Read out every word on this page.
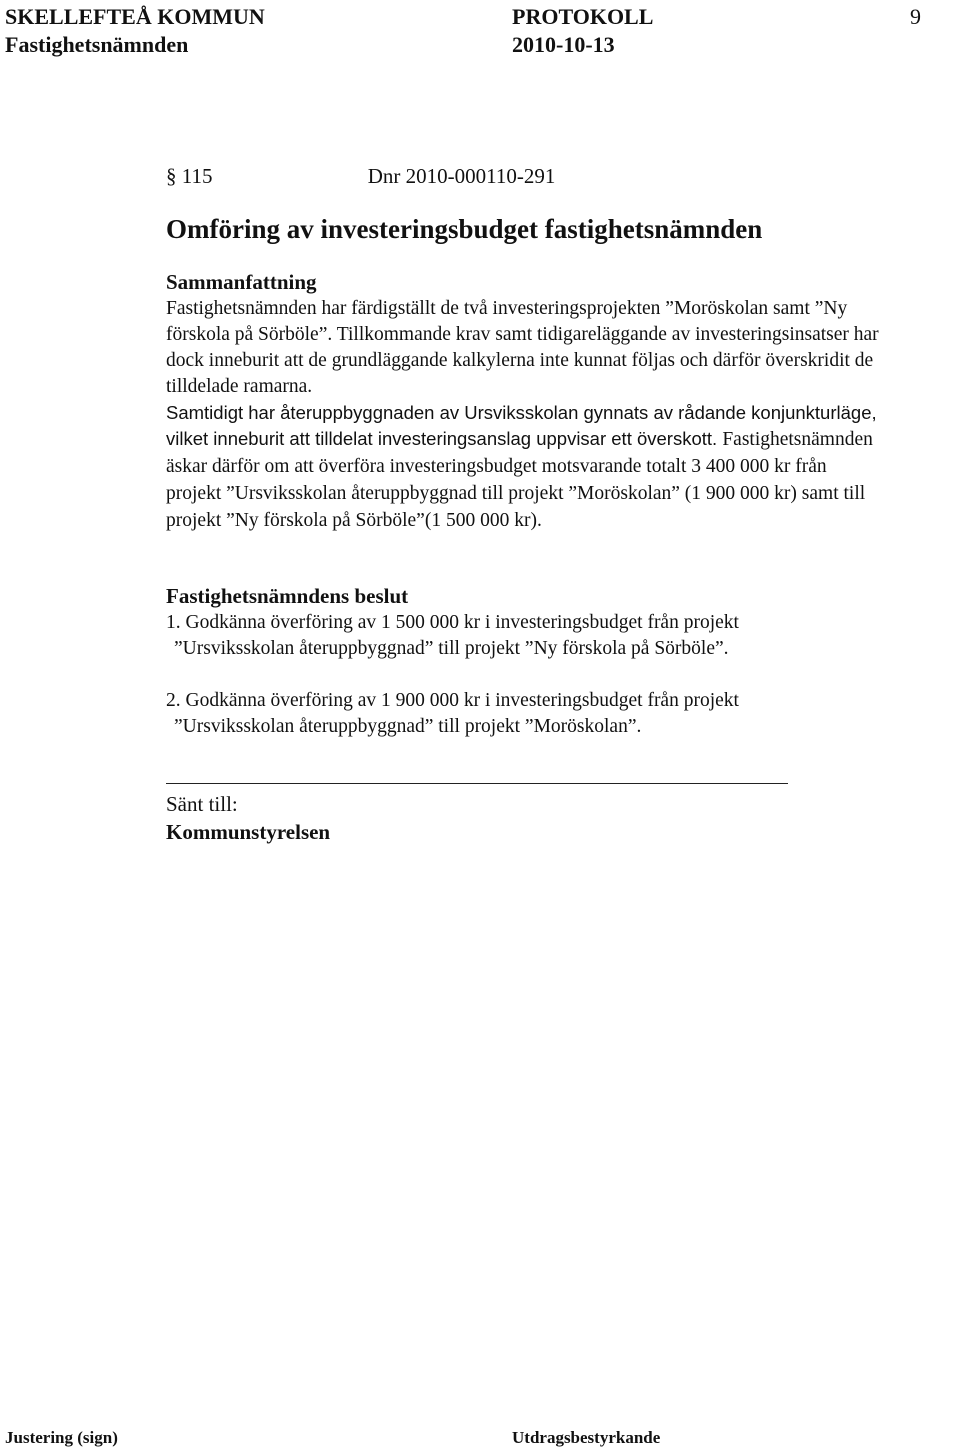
SKELLEFTEÅ KOMMUN	PROTOKOLL	9
Fastighetsnämnden	2010-10-13
§ 115	Dnr 2010-000110-291
Omföring av investeringsbudget fastighetsnämnden
Sammanfattning

Fastighetsnämnden har färdigställt de två investeringsprojekten ”Moröskolan samt ”Ny förskola på Sörböle”. Tillkommande krav samt tidigareläggande av investeringsinsatser har dock inneburit att de grundläggande kalkylerna inte kunnat följas och därför överskridit de tilldelade ramarna.

Samtidigt har återuppbyggnaden av Ursviksskolan gynnats av rådande konjunkturläge, vilket inneburit att tilldelat investeringsanslag uppvisar ett överskott. Fastighetsnämnden äskar därför om att överföra investeringsbudget motsvarande totalt 3 400 000 kr från projekt ”Ursviksskolan återuppbyggnad till projekt ”Moröskolan” (1 900 000 kr) samt till projekt ”Ny förskola på Sörböle”(1 500 000 kr).

Fastighetsnämndens beslut

1. Godkänna överföring av 1 500 000 kr i investeringsbudget från projekt

”Ursviksskolan återuppbyggnad” till projekt ”Ny förskola på Sörböle”.

2. Godkänna överföring av 1 900 000 kr i investeringsbudget från projekt

”Ursviksskolan återuppbyggnad” till projekt ”Moröskolan”.

Sänt till:
Kommunstyrelsen
Justering (sign)	Utdragsbestyrkande
